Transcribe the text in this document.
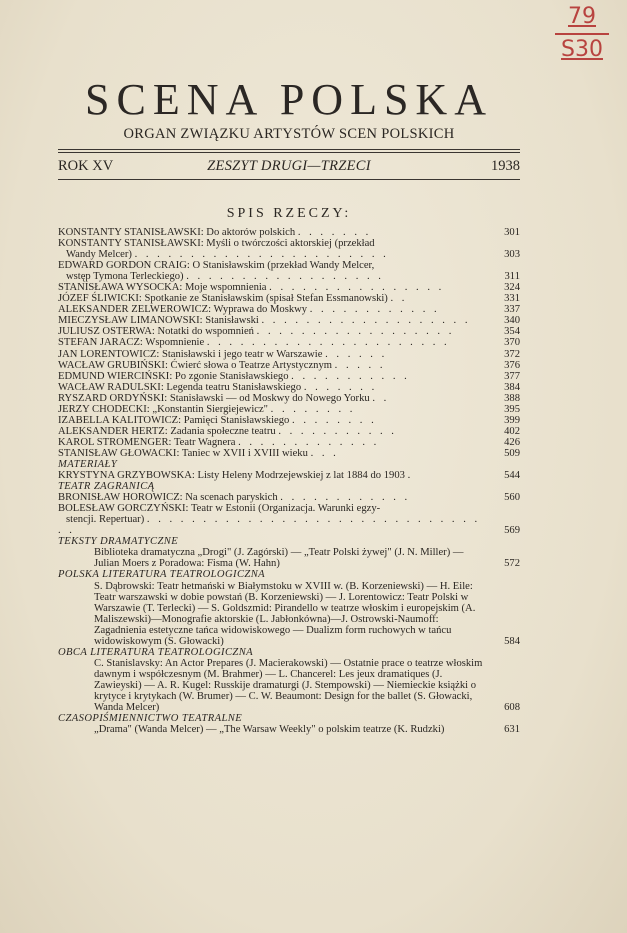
79
S30
SCENA POLSKA
ORGAN ZWIĄZKU ARTYSTÓW SCEN POLSKICH
ROK XV	ZESZYT DRUGI—TRZECI	1938
SPIS RZECZY:
KONSTANTY STANISŁAWSKI: Do aktorów polskich . . . . . . .	301
KONSTANTY STANISŁAWSKI: Myśli o twórczości aktorskiej (przekład
Wandy Melcer) . . . . . . . . . . . . . . . . . . . . . . .	303
EDWARD GORDON CRAIG: O Stanisławskim (przekład Wandy Melcer,
wstęp Tymona Terleckiego) . . . . . . . . . . . . . . . . . .	311
STANISŁAWA WYSOCKA: Moje wspomnienia . . . . . . . . . . . . . . . .	324
JÓZEF ŚLIWICKI: Spotkanie ze Stanisławskim (spisał Stefan Essmanowski) . .	331
ALEKSANDER ZELWEROWICZ: Wyprawa do Moskwy . . . . . . . . . . . .	337
MIECZYSŁAW LIMANOWSKI: Stanisławski . . . . . . . . . . . . . . . . . . .	340
JULIUSZ OSTERWA: Notatki do wspomnień . . . . . . . . . . . . . . . . . .	354
STEFAN JARACZ: Wspomnienie . . . . . . . . . . . . . . . . . . . . . .	370
JAN LORENTOWICZ: Stanisławski i jego teatr w Warszawie . . . . . .	372
WACŁAW GRUBIŃSKI: Ćwierć słowa o Teatrze Artystycznym . . . . .	376
EDMUND WIERCIŃSKI: Po zgonie Stanisławskiego . . . . . . . . . . .	377
WACŁAW RADULSKI: Legenda teatru Stanisławskiego . . . . . . .	384
RYSZARD ORDYŃSKI: Stanisławski — od Moskwy do Nowego Yorku . .	388
JERZY CHODECKI: „Konstantin Siergiejewicz" . . . . . . . .	395
IZABELLA KALITOWICZ: Pamięci Stanisławskiego . . . . . . . .	399
ALEKSANDER HERTZ: Zadania społeczne teatru . . . . . . . . . . .	402
KAROL STROMENGER: Teatr Wagnera . . . . . . . . . . . . .	426
STANISŁAW GŁOWACKI: Taniec w XVII i XVIII wieku . . .	509
MATERIAŁY
KRYSTYNA GRZYBOWSKA: Listy Heleny Modrzejewskiej z lat 1884 do 1903 .	544
TEATR ZAGRANICĄ
BRONISŁAW HOROWICZ: Na scenach paryskich . . . . . . . . . . . .	560
BOLESŁAW GORCZYŃSKI: Teatr w Estonii (Organizacja. Warunki egzy-
stencji. Repertuar) . . . . . . . . . . . . . . . . . . . . . . . . . . . . . . . .	569
TEKSTY DRAMATYCZNE
Biblioteka dramatyczna „Drogi" (J. Zagórski) — „Teatr Polski żywej" (J. N. Miller) — Julian Moers z Poradowa: Fisma (W. Hahn)	572
POLSKA LITERATURA TEATROLOGICZNA
S. Dąbrowski: Teatr hetmański w Białymstoku w XVIII w. (B. Korzeniewski) — H. Eile: Teatr warszawski w dobie powstań (B. Korzeniewski) — J. Lorentowicz: Teatr Polski w Warszawie (T. Terlecki) — S. Goldszmid: Pirandello w teatrze włoskim i europejskim (A. Maliszewski)—Monografie aktorskie (L. Jabłonkówna)—J. Ostrowski-Naumoff: Zagadnienia estetyczne tańca widowiskowego — Dualizm form ruchowych w tańcu widowiskowym (S. Głowacki)	584
OBCA LITERATURA TEATROLOGICZNA
C. Stanislavsky: An Actor Prepares (J. Macierakowski) — Ostatnie prace o teatrze włoskim dawnym i współczesnym (M. Brahmer) — L. Chancerel: Les jeux dramatiques (J. Zawieyski) — A. R. Kugel: Russkije dramaturgi (J. Stempowski) — Niemieckie książki o krytyce i krytykach (W. Brumer) — C. W. Beaumont: Design for the ballet (S. Głowacki, Wanda Melcer)	608
CZASOPIŚMIENNICTWO TEATRALNE
„Drama" (Wanda Melcer) — „The Warsaw Weekly" o polskim teatrze (K. Rudzki)	631
